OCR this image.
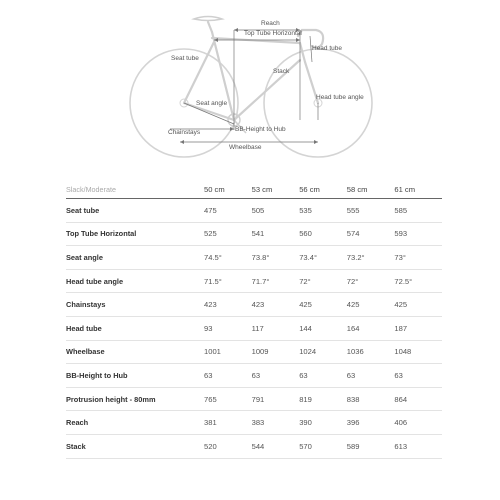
Reach
Top Tube Horizontal
Head tube
Seat tube
Stack
Head tube angle
Seat angle
Chainstays	BB-Height to Hub
Wheelbase
Slack/Moderate	50 cm	53 cm	56 cm	58 cm	61 cm
Seat tube	475	505	535	555	585
Top Tube Horizontal	525	541	560	574	593
Seat angle	74.5°	73.8°	73.4°	73.2°	73°
Head tube angle	71.5°	71.7°	72°	72°	72.5°
Chainstays	423	423	425	425	425
Head tube	93	117	144	164	187
Wheelbase	1001	1009	1024	1036	1048
BB-Height to Hub	63	63	63	63	63
Protrusion height - 80mm	765	791	819	838	864
Reach	381	383	390	396	406
Stack	520	544	570	589	613
